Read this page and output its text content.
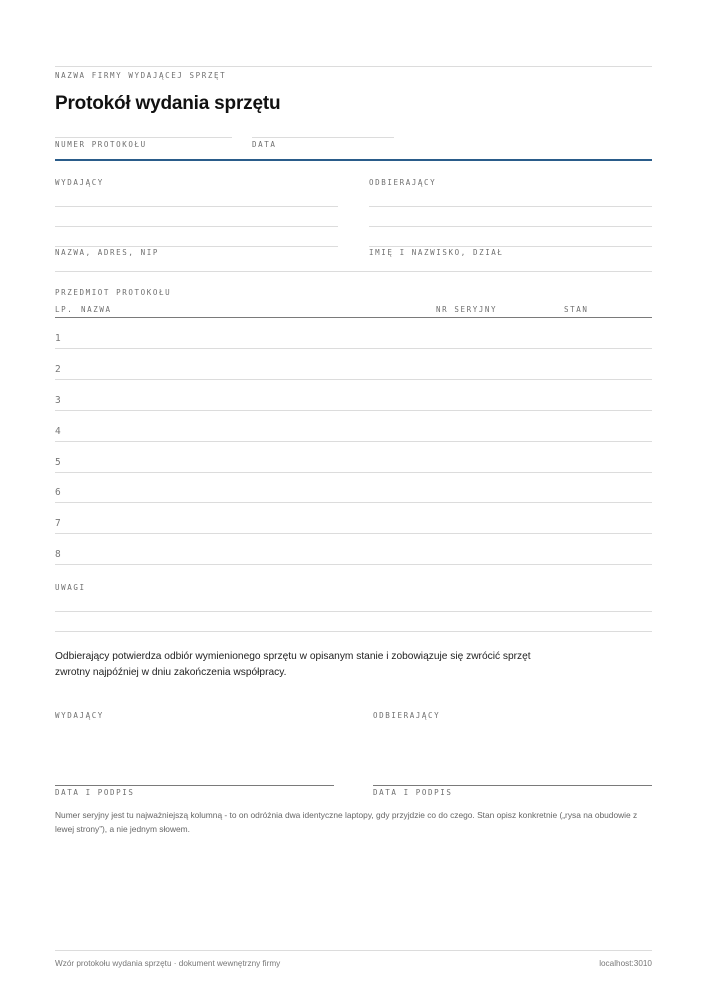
NAZWA FIRMY WYDAJĄCEJ SPRZĘT
Protokół wydania sprzętu
NUMER PROTOKOŁU	DATA
WYDAJĄCY	ODBIERAJĄCY
NAZWA, ADRES, NIP	IMIĘ I NAZWISKO, DZIAŁ
PRZEDMIOT PROTOKOŁU
LP. NAZWA	NR SERYJNY	STAN
1
2
3
4
5
6
7
8
UWAGI
Odbierający potwierdza odbiór wymienionego sprzętu w opisanym stanie i zobowiązuje się zwrócić sprzęt zwrotny najpóźniej w dniu zakończenia współpracy.
WYDAJĄCY	ODBIERAJĄCY
DATA I PODPIS	DATA I PODPIS
Numer seryjny jest tu najważniejszą kolumną - to on odróżnia dwa identyczne laptopy, gdy przyjdzie co do czego. Stan opisz konkretnie („rysa na obudowie z lewej strony”), a nie jednym słowem.
Wzór protokołu wydania sprzętu · dokument wewnętrzny firmy	localhost:3010
